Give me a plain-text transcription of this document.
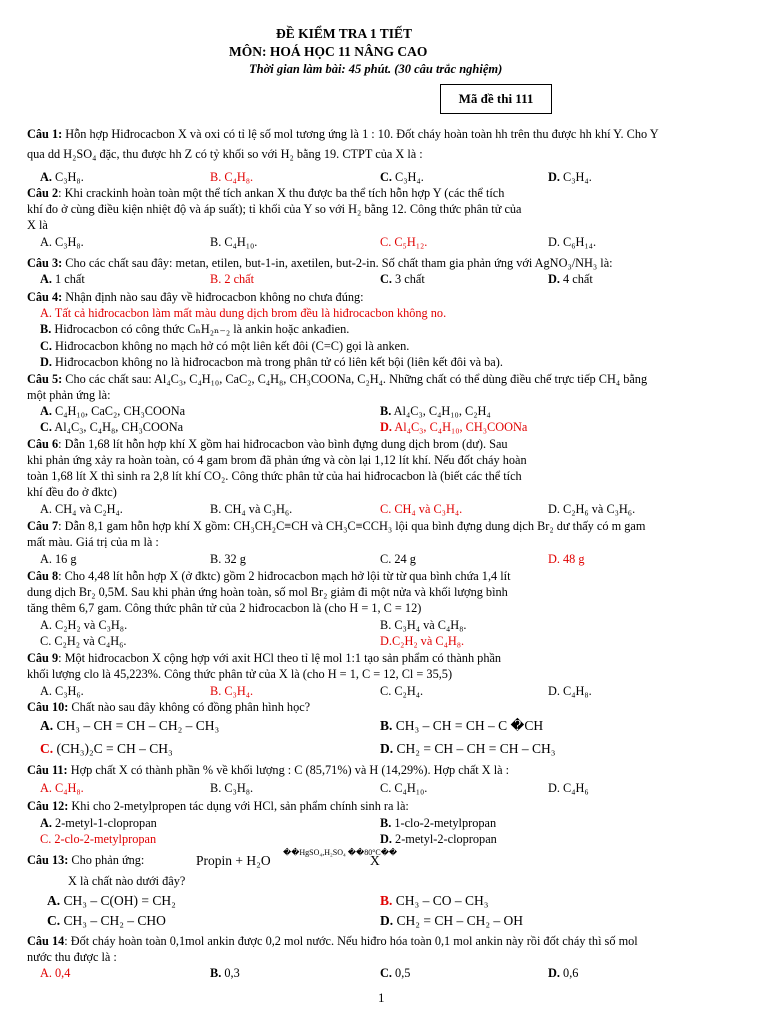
ĐỀ KIỂM TRA 1 TIẾT
MÔN: HOÁ HỌC 11 NÂNG CAO
Thời gian làm bài: 45 phút. (30 câu trắc nghiệm)
Mã đề thi 111
Câu 1: Hỗn hợp Hiđrocacbon X và oxi có tỉ lệ số mol tương ứng là 1 : 10. Đốt cháy hoàn toàn hh trên thu được hh khí Y. Cho Y
qua dd H₂SO₄ đặc, thu được hh Z có tỷ khối so với H₂ bằng 19. CTPT của X là :
A. C₃H₈.	B. C₄H₈.	C. C₃H₄.	D. C₃H₄.
Câu 2: Khi crackinh hoàn toàn một thể tích ankan X thu được ba thể tích hỗn hợp Y (các thể tích
khí đo ở cùng điều kiện nhiệt độ và áp suất); tỉ khối của Y so với H₂ bằng 12. Công thức phân tử của
X là
A. C₃H₈.	B. C₄H₁₀.	C. C₅H₁₂.	D. C₆H₁₄.
Câu 3: Cho các chất sau đây: metan, etilen, but-1-in, axetilen, but-2-in. Số chất tham gia phản ứng với AgNO₃/NH₃ là:
A. 1 chất	B. 2 chất	C. 3 chất	D. 4 chất
Câu 4: Nhận định nào sau đây về hiđrocacbon không no chưa đúng:
A. Tất cả hiđrocacbon làm mất màu dung dịch brom đều là hiđrocacbon không no.
B. Hiđrocacbon có công thức CₙH₂ₙ₋₂ là ankin hoặc ankađien.
C. Hiđrocacbon không no mạch hở có một liên kết đôi (C=C) gọi là anken.
D. Hiđrocacbon không no là hiđrocacbon mà trong phân tử có liên kết bội (liên kết đôi và ba).
Câu 5: Cho các chất sau: Al₄C₃, C₄H₁₀, CaC₂, C₄H₈, CH₃COONa, C₂H₄. Những chất có thể dùng điều chế trực tiếp CH₄ bằng
một phản ứng là:
A. C₄H₁₀, CaC₂, CH₃COONa	B. Al₄C₃, C₄H₁₀, C₂H₄
C. Al₄C₃, C₄H₈, CH₃COONa	D. Al₄C₃, C₄H₁₀, CH₃COONa
Câu 6: Dẫn 1,68 lít hỗn hợp khí X gồm hai hiđrocacbon vào bình đựng dung dịch brom (dư). Sau
khi phản ứng xảy ra hoàn toàn, có 4 gam brom đã phản ứng và còn lại 1,12 lít khí. Nếu đốt cháy hoàn
toàn 1,68 lít X thì sinh ra 2,8 lít khí CO₂. Công thức phân tử của hai hiđrocacbon là (biết các thể tích
khí đều đo ở đktc)
A. CH₄ và C₂H₄.	B. CH₄ và C₃H₆.	C. CH₄ và C₃H₄.	D. C₂H₆ và C₃H₆.
Câu 7: Dẫn 8,1 gam hỗn hợp khí X gồm: CH₃CH₂C≡CH và CH₃C≡CCH₃ lội qua bình đựng dung dịch Br₂ dư thấy có m gam
mất màu. Giá trị của m là :
A. 16 g	B. 32 g	C. 24 g	D. 48 g
Câu 8: Cho 4,48 lít hỗn hợp X (ở đktc) gồm 2 hiđrocacbon mạch hở lội từ từ qua bình chứa 1,4 lít
dung dịch Br₂ 0,5M. Sau khi phản ứng hoàn toàn, số mol Br₂ giảm đi một nửa và khối lượng bình
tăng thêm 6,7 gam. Công thức phân tử của 2 hiđrocacbon là (cho H = 1, C = 12)
A. C₂H₂ và C₃H₈.	B. C₃H₄ và C₄H₈.
C. C₂H₂ và C₄H₆.	D.C₂H₂ và C₄H₈.
Câu 9: Một hiđrocacbon X cộng hợp với axit HCl theo tỉ lệ mol 1:1 tạo sản phẩm có thành phần
khối lượng clo là 45,223%. Công thức phân tử của X là (cho H = 1, C = 12, Cl = 35,5)
A. C₃H₆.	B. C₃H₄.	C. C₂H₄.	D. C₄H₈.
Câu 10: Chất nào sau đây không có đồng phân hình học?
A. CH₃ – CH = CH – CH₂ – CH₃	B. CH₃ – CH = CH – C �CH
C. (CH₃)₂C = CH – CH₃	D. CH₂ = CH – CH = CH – CH₃
Câu 11: Hợp chất X có thành phần % về khối lượng : C (85,71%) và H (14,29%). Hợp chất X là :
A. C₄H₈.	B. C₃H₈.	C. C₄H₁₀.	D. C₄H₆
Câu 12: Khi cho 2-metylpropen tác dụng với HCl, sản phẩm chính sinh ra là:
A. 2-metyl-1-clopropan	B. 1-clo-2-metylpropan
C. 2-clo-2-metylpropan	D. 2-metyl-2-clopropan
Câu 13: Cho phản ứng:	Propin + H₂O
��HgSO₄,H₂SO₄ ��80°C��
X
X là chất nào dưới đây?
A. CH₃ – C(OH) = CH₂	B. CH₃ – CO – CH₃
C. CH₃ – CH₂ – CHO	D. CH₂ = CH – CH₂ – OH
Câu 14: Đốt cháy hoàn toàn 0,1mol ankin được 0,2 mol nước. Nếu hiđro hóa toàn 0,1 mol ankin này rồi đốt cháy thì số mol
nước thu được là :
A. 0,4	B. 0,3	C. 0,5	D. 0,6
1
